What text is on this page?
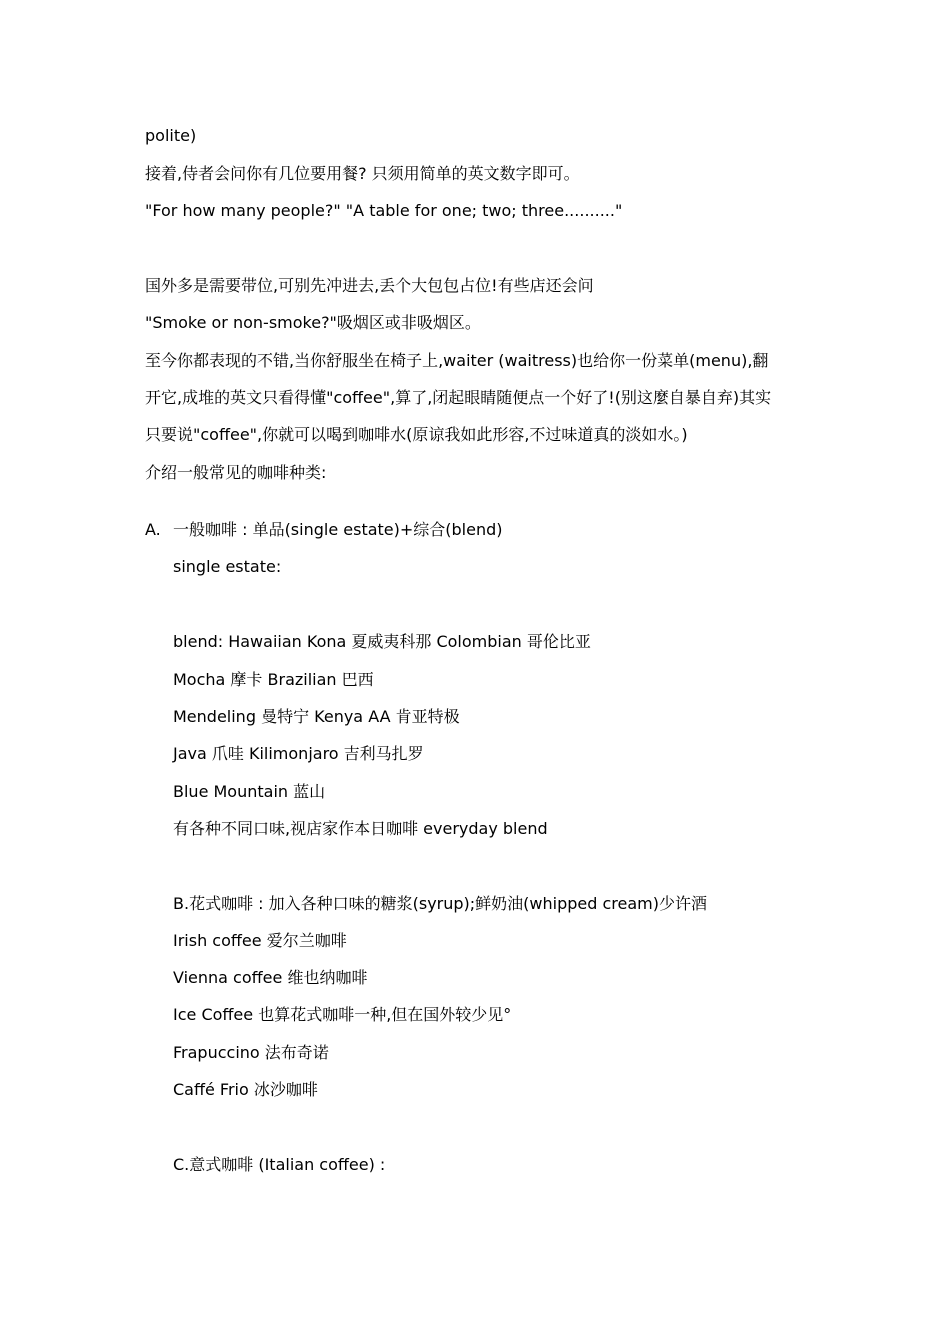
polite)
接着,侍者会问你有几位要用餐? 只须用简单的英文数字即可。
"For how many people?" "A table for one; two; three.........."
国外多是需要带位,可别先冲进去,丢个大包包占位!有些店还会问
"Smoke or non-smoke?"吸烟区或非吸烟区。
至今你都表现的不错,当你舒服坐在椅子上,waiter (waitress)也给你一份菜单(menu),翻
开它,成堆的英文只看得懂"coffee",算了,闭起眼睛随便点一个好了!(别这麼自暴自弃)其实
只要说"coffee",你就可以喝到咖啡水(原谅我如此形容,不过味道真的淡如水。)
介绍一般常见的咖啡种类:
A. 一般咖啡 : 单品(single estate)+综合(blend)
single estate:
blend: Hawaiian Kona 夏威夷科那 Colombian 哥伦比亚
Mocha 摩卡 Brazilian 巴西
Mendeling 曼特宁 Kenya AA 肯亚特极
Java 爪哇 Kilimonjaro 吉利马扎罗
Blue Mountain 蓝山
有各种不同口味,视店家作本日咖啡 everyday blend
B.花式咖啡 : 加入各种口味的糖浆(syrup);鲜奶油(whipped cream)少许酒
Irish coffee 爱尔兰咖啡
Vienna coffee 维也纳咖啡
Ice Coffee 也算花式咖啡一种,但在国外较少见°
Frapuccino 法布奇诺
Caffé Frio 冰沙咖啡
C.意式咖啡 (Italian coffee) :
